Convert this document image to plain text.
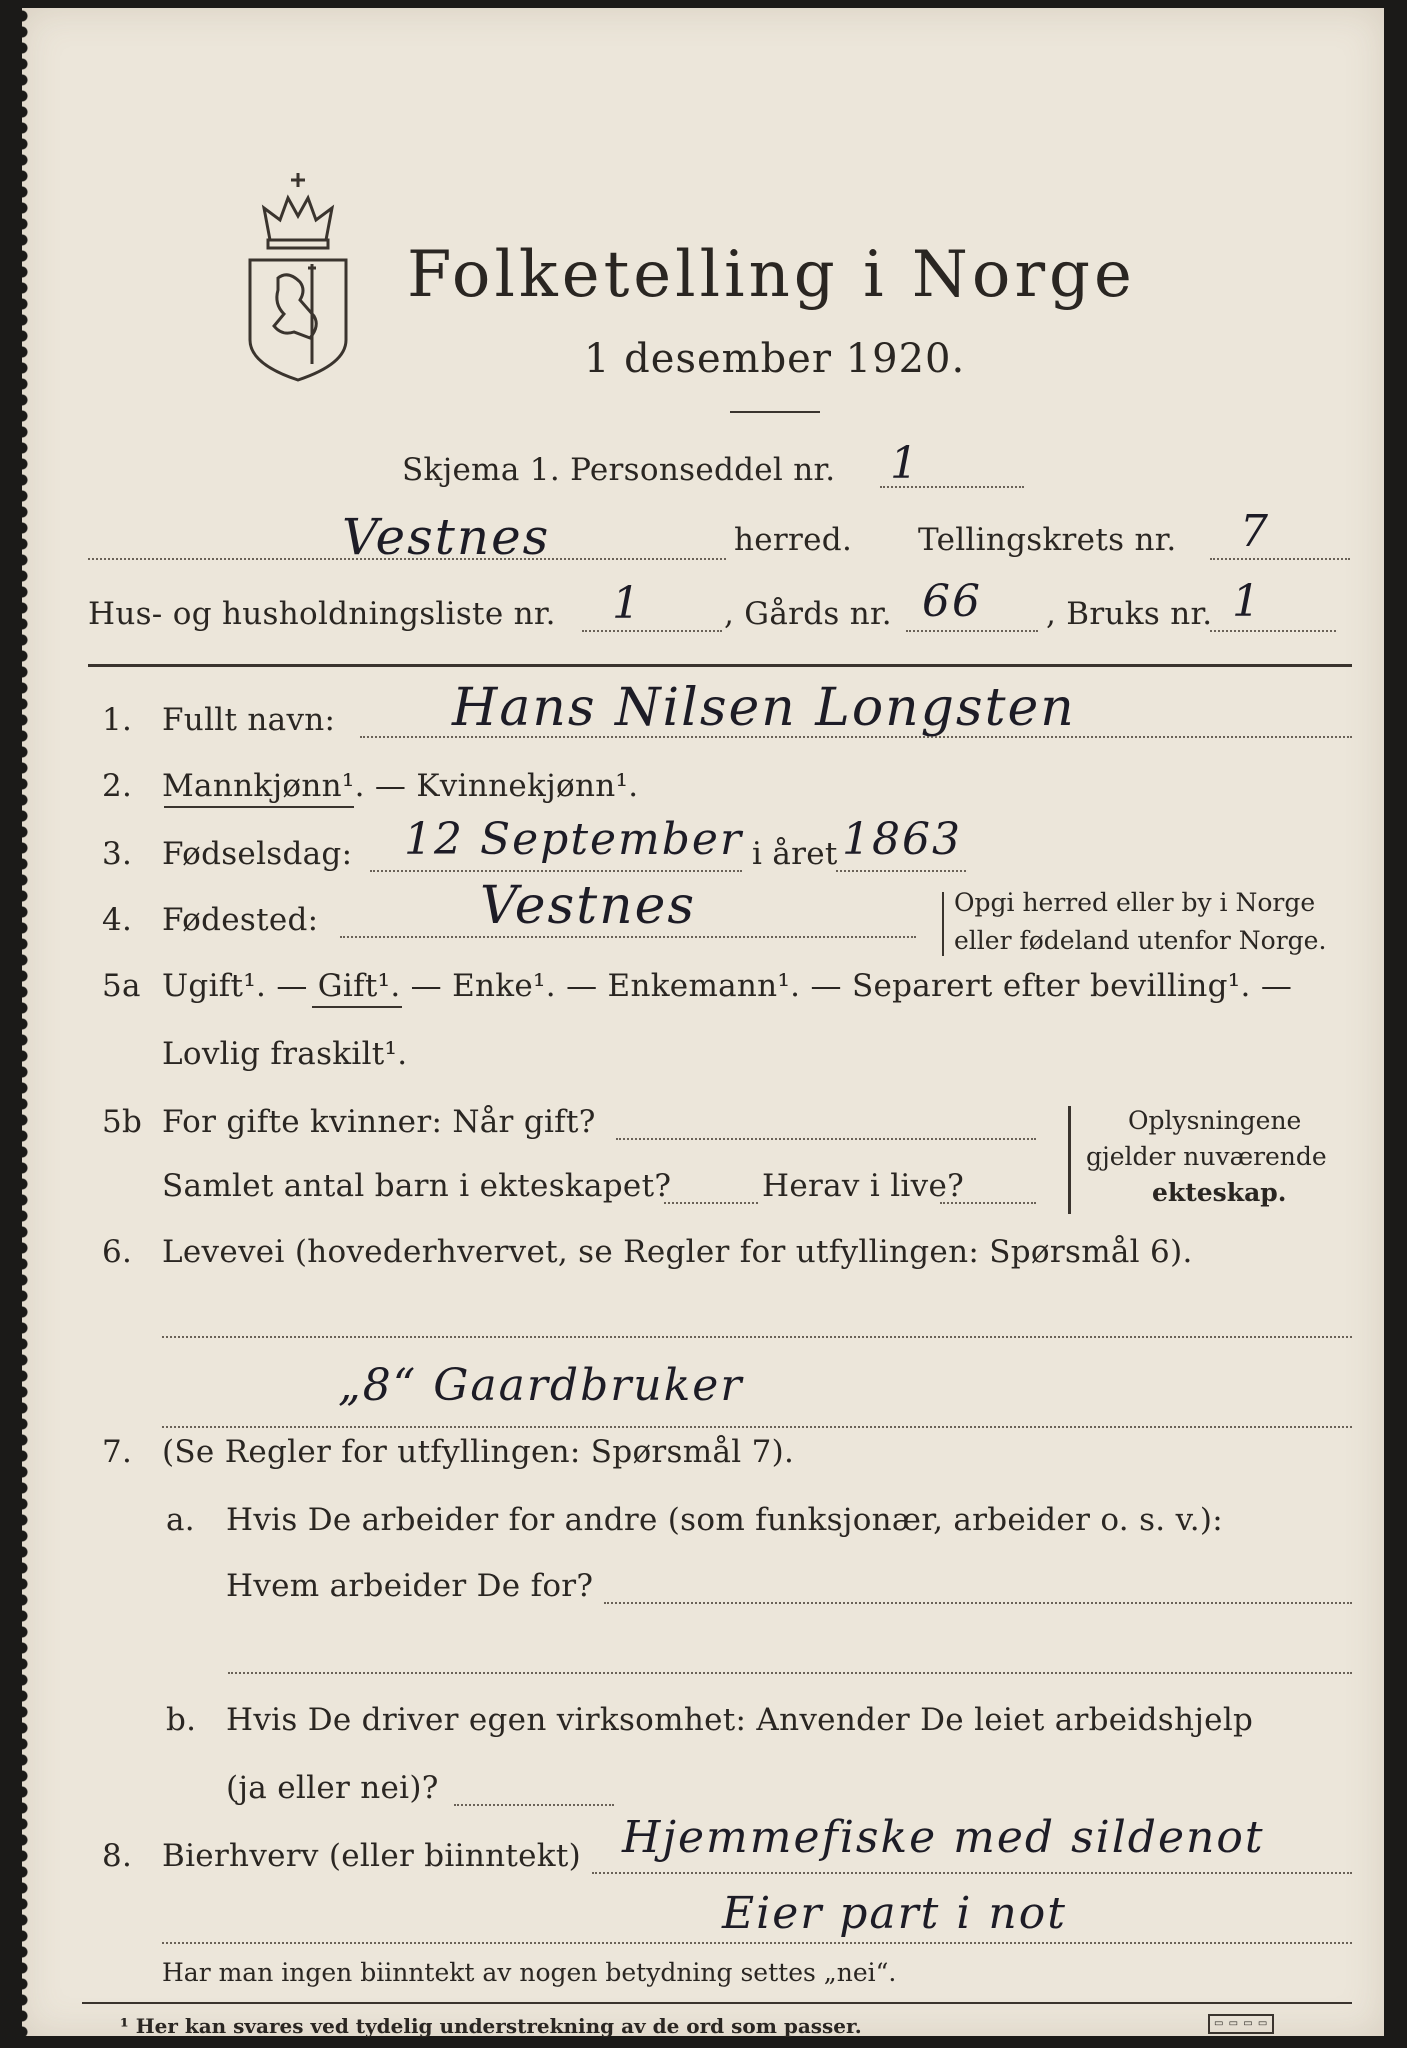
Folketelling i Norge
1 desember 1920.
Skjema 1. Personseddel nr. 1
Vestnes	herred. Tellingskrets nr. 7
Hus- og husholdningsliste nr. 1	, Gårds nr. 66 , Bruks nr. 1
1. Fullt navn: Hans Nilsen Longsten
2. Mannkjønn¹. — Kvinnekjønn¹.
3. Fødselsdag: 12 September i året 1863
4. Fødested:	Vestnes	Opgi herred eller by i Norge
eller fødeland utenfor Norge.
5a Ugift¹. — Gift¹. — Enke¹. — Enkemann¹. — Separert efter bevilling¹. —
Lovlig fraskilt¹.
5b For gifte kvinner: Når gift?
Samlet antal barn i ekteskapet?	Herav i live?
Oplysningene
gjelder nuværende
ekteskap.
6. Levevei (hovederhvervet, se Regler for utfyllingen: Spørsmål 6).
„8“ Gaardbruker
7. (Se Regler for utfyllingen: Spørsmål 7).
a. Hvis De arbeider for andre (som funksjonær, arbeider o. s. v.):
Hvem arbeider De for?
b. Hvis De driver egen virksomhet: Anvender De leiet arbeidshjelp
(ja eller nei)?
8. Bierhverv (eller biinntekt) Hjemmefiske med sildenot
Eier part i not
Har man ingen biinntekt av nogen betydning settes „nei“.
¹ Her kan svares ved tydelig understrekning av de ord som passer.	▭ ▭ ▭ ▭
